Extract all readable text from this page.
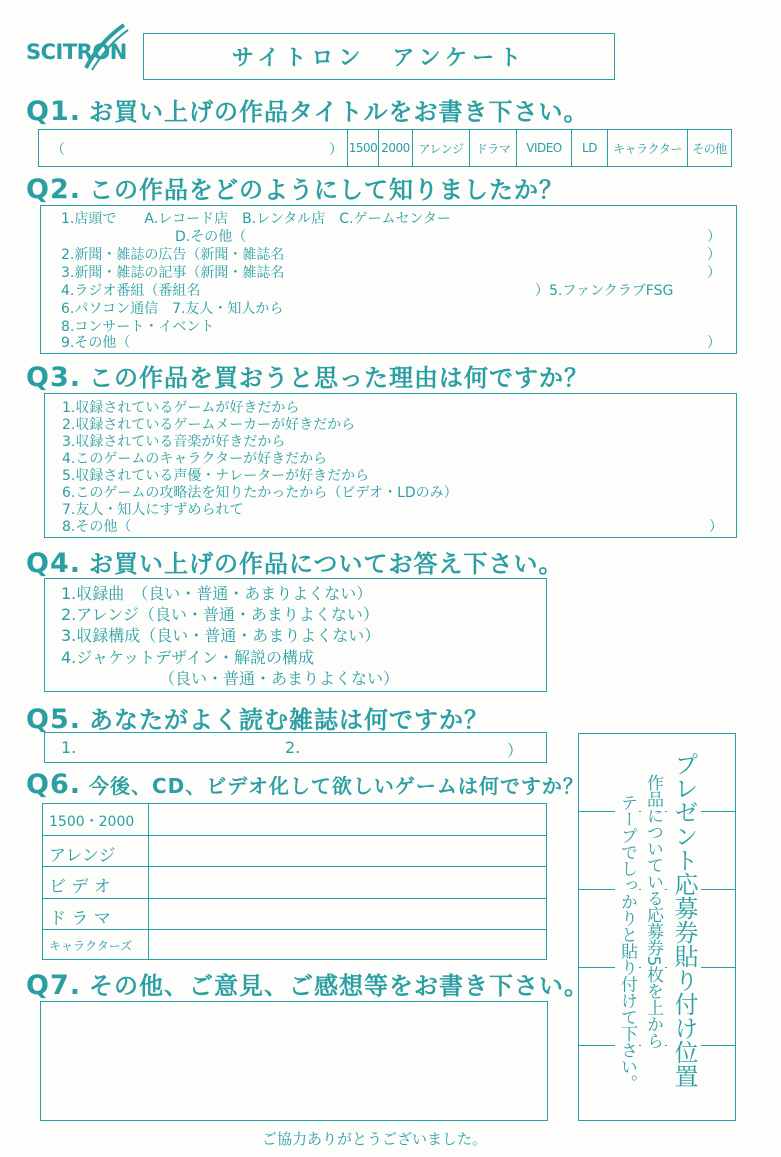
SCITRON	サイトロン　アンケート
Q1. お買い上げの作品タイトルをお書き下さい。
（	） 1500 2000 アレンジ	ドラマ	VIDEO	LD	キャラクター その他
Q2. この作品をどのようにして知りましたか？
1.店頭で　　A.レコード店　B.レンタル店　C.ゲームセンター
D.その他（	）
2.新聞・雑誌の広告（新聞・雑誌名	）
3.新聞・雑誌の記事（新聞・雑誌名	）
4.ラジオ番組（番組名	）5.ファンクラブFSG
6.パソコン通信　7.友人・知人から
8.コンサート・イベント
9.その他（	）
Q3. この作品を買おうと思った理由は何ですか？
1.収録されているゲームが好きだから
2.収録されているゲームメーカーが好きだから
3.収録されている音楽が好きだから
4.このゲームのキャラクターが好きだから
5.収録されている声優・ナレーターが好きだから
6.このゲームの攻略法を知りたかったから（ビデオ・LDのみ）
7.友人・知人にすずめられて
8.その他（	）
Q4. お買い上げの作品についてお答え下さい。
1.収録曲　（良い・普通・あまりよくない）
2.アレンジ（良い・普通・あまりよくない）
3.収録構成（良い・普通・あまりよくない）
4.ジャケットデザイン・解説の構成
（良い・普通・あまりよくない）
Q5. あなたがよく読む雑誌は何ですか？
1.	2.	）
Q6. 今後、CD、ビデオ化して欲しいゲームは何ですか？
1500・2000
アレンジ
ビ デ オ
ド ラ マ
キャラクターズ
Q7. その他、ご意見、ご感想等をお書き下さい。	プレゼント応募券貼り付け位置
作品についている応募券5枚を上から
テープでしっかりと貼り付けて下さい。
ご協力ありがとうございました。
